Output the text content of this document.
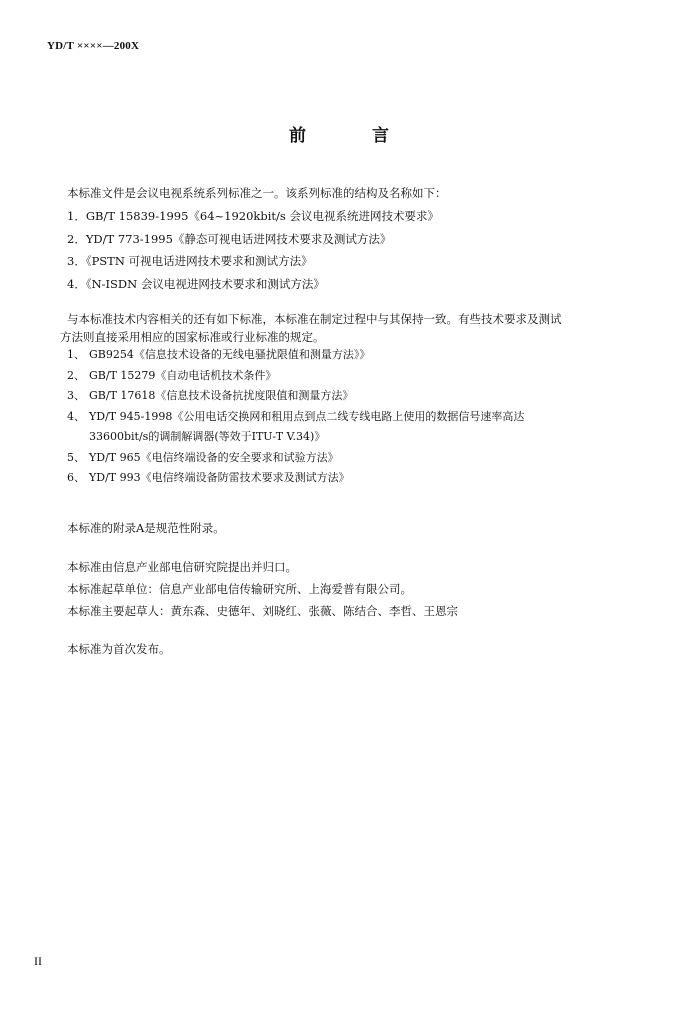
YD/T ××××—200X
前 言
本标准文件是会议电视系统系列标准之一。该系列标准的结构及名称如下：
1．GB/T 15839-1995《64~1920kbit/s 会议电视系统进网技术要求》
2．YD/T 773-1995《静态可视电话进网技术要求及测试方法》
3．《PSTN 可视电话进网技术要求和测试方法》
4．《N-ISDN 会议电视进网技术要求和测试方法》
与本标准技术内容相关的还有如下标准，本标准在制定过程中与其保持一致。有些技术要求及测试
方法则直接采用相应的国家标准或行业标准的规定。
1、 GB9254《信息技术设备的无线电骚扰限值和测量方法》》
2、 GB/T 15279《自动电话机技术条件》
3、 GB/T 17618《信息技术设备抗扰度限值和测量方法》
4、 YD/T 945-1998《公用电话交换网和租用点到点二线专线电路上使用的数据信号速率高达
33600bit/s的调制解调器(等效于ITU-T V.34)》
5、 YD/T 965《电信终端设备的安全要求和试验方法》
6、 YD/T 993《电信终端设备防雷技术要求及测试方法》
本标准的附录A是规范性附录。
本标准由信息产业部电信研究院提出并归口。
本标准起草单位：信息产业部电信传输研究所、上海爱普有限公司。
本标准主要起草人：黄东森、史德年、刘晓红、张薇、陈结合、李哲、王恩宗
本标准为首次发布。
II
